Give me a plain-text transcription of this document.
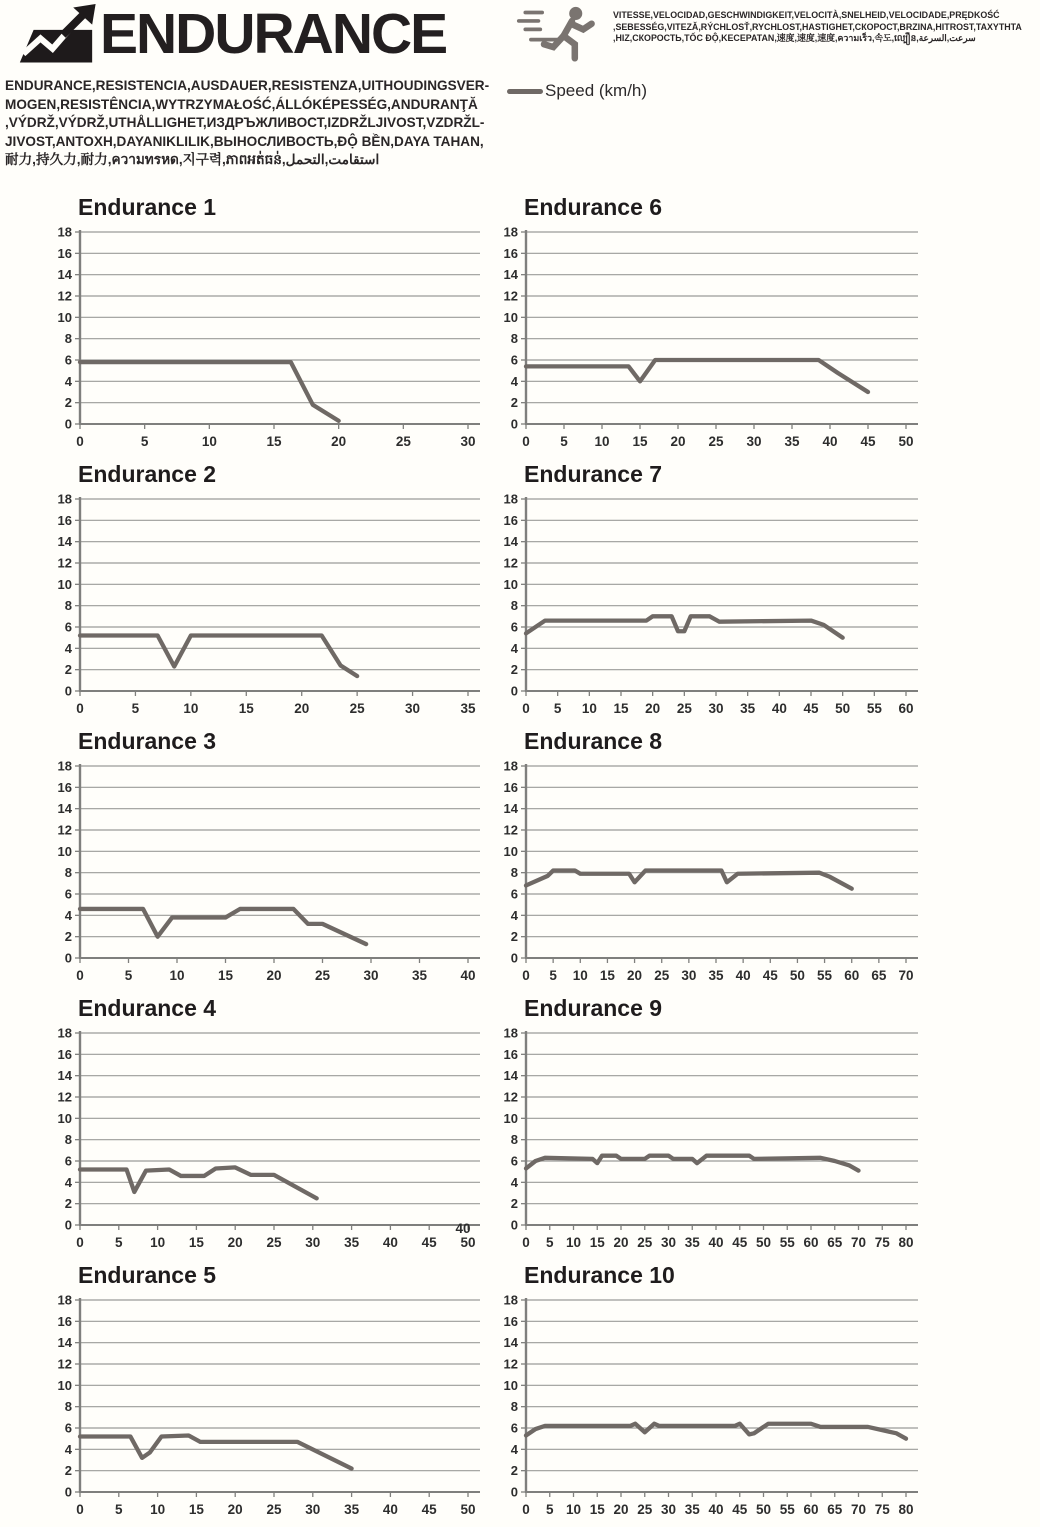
ENDURANCE
ENDURANCE,RESISTENCIA,AUSDAUER,RESISTENZA,UITHOUDINGSVER-
MOGEN,RESISTÊNCIA,WYTRZYMAŁOŚĆ,ÁLLÓKÉPESSÉG,ANDURANŢĂ
,VÝDRŽ,VÝDRŽ,UTHÅLLIGHET,ИЗДРЪЖЛИВОСТ,IZDRŽLJIVOST,VZDRŽL-
JIVOST,ANTOXH,DAYANIKLILIK,ВЫНОСЛИВОСТЬ,ĐỘ BỀN,DAYA TAHAN,
耐力,持久力,耐力,ความทรหด,지구력,ភាពអត់ធន់,استقامت,التحمل
VITESSE,VELOCIDAD,GESCHWINDIGKEIT,VELOCITÀ,SNELHEID,VELOCIDADE,PRĘDKOŚĆ
,SEBESSÉG,VITEZĂ,RÝCHLOSŤ,RYCHLOST,HASTIGHET,СКОРОСТ,BRZINA,HITROST,TAXYTHTA
,HIZ,СКОРОСТЬ,TỐC ĐỘ,KECEPATAN,速度,速度,速度,ความเร็ว,속도,ល្បឿន,سرعت,السرعة
Speed (km/h)
Endurance 1
0
2
4
6
8
10
12
14
16
18
0	5	10	15	20	25	30
Endurance 6
0
2
4
6
8
10
12
14
16
18
0 5 10 15 20 25 30 35 40 45 50
Endurance 2
0
2
4
6
8
10
12
14
16
18
0	5	10	15	20	25	30	35
Endurance 7
0
2
4
6
8
10
12
14
16
18
0 5 10 15 20 25 30 35 40 45 50 55 60
Endurance 3
0
2
4
6
8
10
12
14
16
18
0	5	10 15 20 25 30 35 40
Endurance 8
0
2
4
6
8
10
12
14
16
18
0 5 10 15 20 25 30 35 40 45 50 55 60 65 70
Endurance 4
0
2
4
6
8
10
12
14
16
18
0 5 10 15 20 25 30 35 40 45 50
40
Endurance 9
0
2
4
6
8
10
12
14
16
18
0 5 10 15 20 25 30 35 40 45 50 55 60 65 70 75 80
Endurance 5
0
2
4
6
8
10
12
14
16
18
0 5 10 15 20 25 30 35 40 45 50
Endurance 10
0
2
4
6
8
10
12
14
16
18
0 5 10 15 20 25 30 35 40 45 50 55 60 65 70 75 80
